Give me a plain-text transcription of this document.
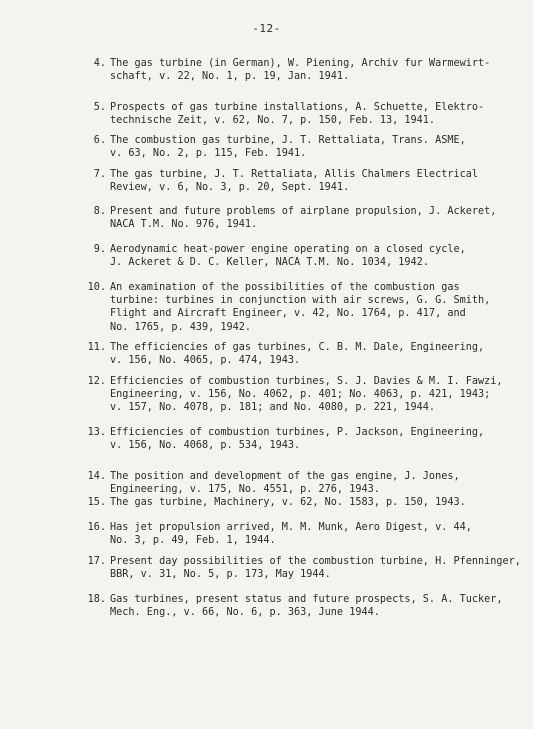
-12-
4. The gas turbine (in German), W. Piening, Archiv fur Warmewirt-
schaft, v. 22, No. 1, p. 19, Jan. 1941.
5. Prospects of gas turbine installations, A. Schuette, Elektro-
technische Zeit, v. 62, No. 7, p. 150, Feb. 13, 1941.
6. The combustion gas turbine, J. T. Rettaliata, Trans. ASME,
v. 63, No. 2, p. 115, Feb. 1941.
7. The gas turbine, J. T. Rettaliata, Allis Chalmers Electrical
Review, v. 6, No. 3, p. 20, Sept. 1941.
8. Present and future problems of airplane propulsion, J. Ackeret,
NACA T.M. No. 976, 1941.
9. Aerodynamic heat-power engine operating on a closed cycle,
J. Ackeret & D. C. Keller, NACA T.M. No. 1034, 1942.
10. An examination of the possibilities of the combustion gas
turbine: turbines in conjunction with air screws, G. G. Smith,
Flight and Aircraft Engineer, v. 42, No. 1764, p. 417, and
No. 1765, p. 439, 1942.
11. The efficiencies of gas turbines, C. B. M. Dale, Engineering,
v. 156, No. 4065, p. 474, 1943.
12. Efficiencies of combustion turbines, S. J. Davies & M. I. Fawzi,
Engineering, v. 156, No. 4062, p. 401; No. 4063, p. 421, 1943;
v. 157, No. 4078, p. 181; and No. 4080, p. 221, 1944.
13. Efficiencies of combustion turbines, P. Jackson, Engineering,
v. 156, No. 4068, p. 534, 1943.
14. The position and development of the gas engine, J. Jones,
Engineering, v. 175, No. 4551, p. 276, 1943.
15. The gas turbine, Machinery, v. 62, No. 1583, p. 150, 1943.
16. Has jet propulsion arrived, M. M. Munk, Aero Digest, v. 44,
No. 3, p. 49, Feb. 1, 1944.
17. Present day possibilities of the combustion turbine, H. Pfenninger,
BBR, v. 31, No. 5, p. 173, May 1944.
18. Gas turbines, present status and future prospects, S. A. Tucker,
Mech. Eng., v. 66, No. 6, p. 363, June 1944.
